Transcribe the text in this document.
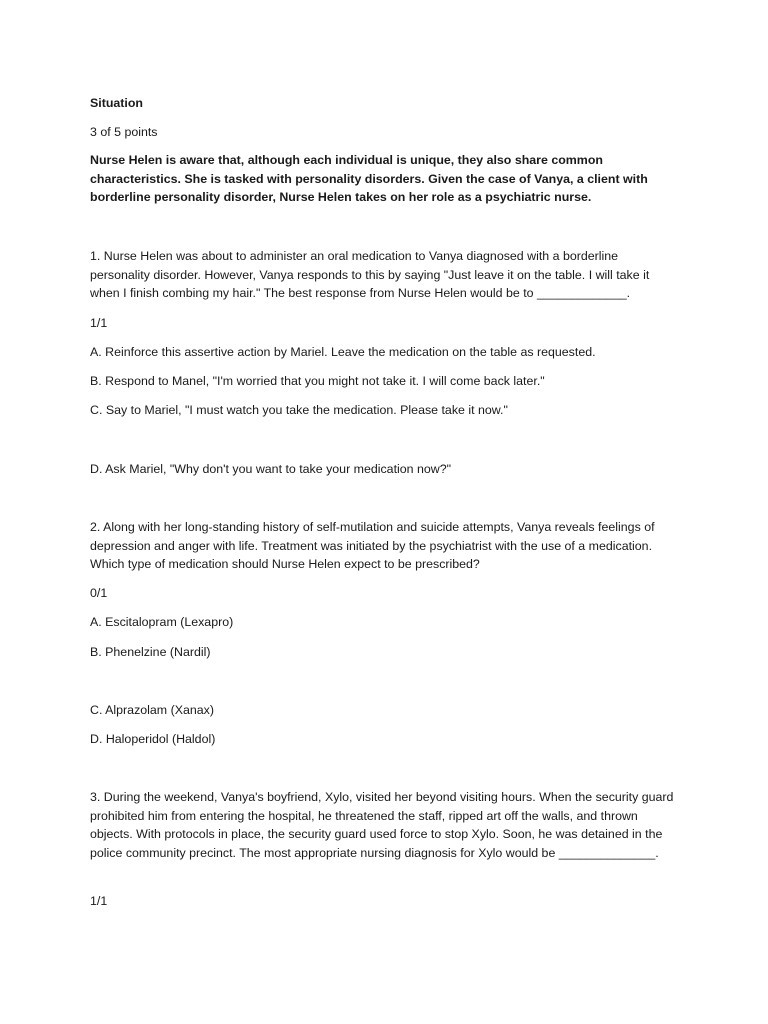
Situation

3 of 5 points

Nurse Helen is aware that, although each individual is unique, they also share common characteristics. She is tasked with personality disorders. Given the case of Vanya, a client with borderline personality disorder, Nurse Helen takes on her role as a psychiatric nurse.

1. Nurse Helen was about to administer an oral medication to Vanya diagnosed with a borderline personality disorder. However, Vanya responds to this by saying "Just leave it on the table. I will take it when I finish combing my hair." The best response from Nurse Helen would be to _____________.

1/1

A. Reinforce this assertive action by Mariel. Leave the medication on the table as requested.

B. Respond to Manel, "I'm worried that you might not take it. I will come back later."

C. Say to Mariel, "I must watch you take the medication. Please take it now."

D. Ask Mariel, "Why don't you want to take your medication now?"

2. Along with her long-standing history of self-mutilation and suicide attempts, Vanya reveals feelings of depression and anger with life. Treatment was initiated by the psychiatrist with the use of a medication. Which type of medication should Nurse Helen expect to be prescribed?

0/1

A. Escitalopram (Lexapro)

B. Phenelzine (Nardil)

C. Alprazolam (Xanax)

D. Haloperidol (Haldol)

3. During the weekend, Vanya's boyfriend, Xylo, visited her beyond visiting hours. When the security guard prohibited him from entering the hospital, he threatened the staff, ripped art off the walls, and thrown objects. With protocols in place, the security guard used force to stop Xylo. Soon, he was detained in the police community precinct. The most appropriate nursing diagnosis for Xylo would be ______________.

1/1
